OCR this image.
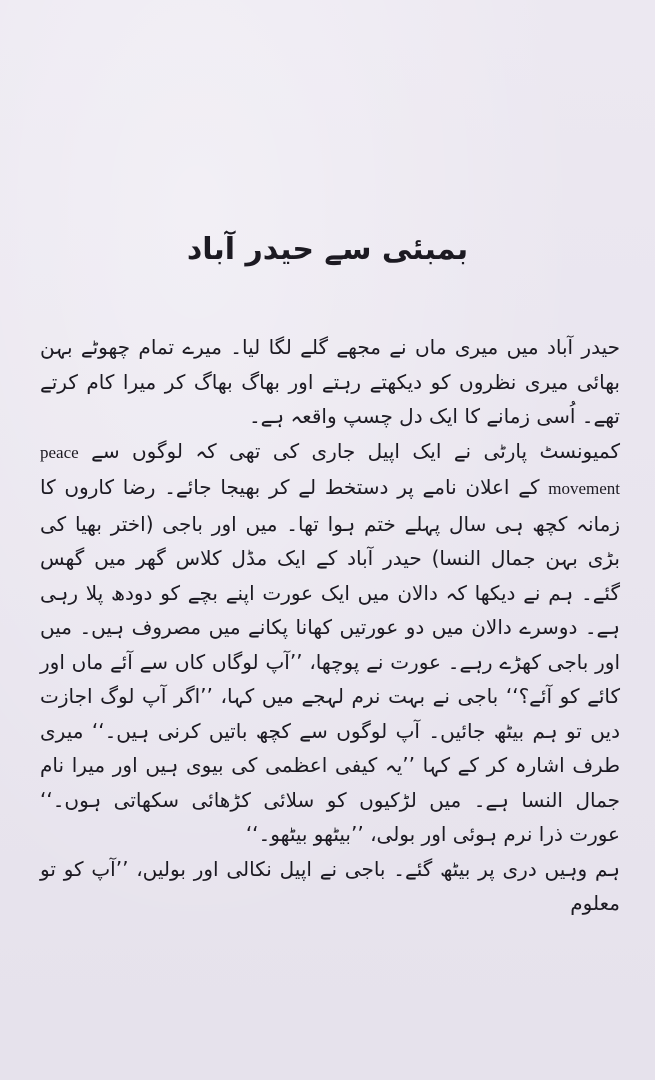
بمبئی سے حیدر آباد

حیدر آباد میں میری ماں نے مجھے گلے لگا لیا۔ میرے تمام چھوٹے بہن بھائی میری نظروں کو دیکھتے رہتے اور بھاگ بھاگ کر میرا کام کرتے تھے۔ اُسی زمانے کا ایک دل چسپ واقعہ ہے۔

کمیونسٹ پارٹی نے ایک اپیل جاری کی تھی کہ لوگوں سے peace movement کے اعلان نامے پر دستخط لے کر بھیجا جائے۔ رضا کاروں کا زمانہ کچھ ہی سال پہلے ختم ہوا تھا۔ میں اور باجی (اختر بھیا کی بڑی بہن جمال النسا) حیدر آباد کے ایک مڈل کلاس گھر میں گھس گئے۔ ہم نے دیکھا کہ دالان میں ایک عورت اپنے بچے کو دودھ پلا رہی ہے۔ دوسرے دالان میں دو عورتیں کھانا پکانے میں مصروف ہیں۔ میں اور باجی کھڑے رہے۔ عورت نے پوچھا، ’’آپ لوگاں کاں سے آئے ماں اور کائے کو آئے؟‘‘ باجی نے بہت نرم لہجے میں کہا، ’’اگر آپ لوگ اجازت دیں تو ہم بیٹھ جائیں۔ آپ لوگوں سے کچھ باتیں کرنی ہیں۔‘‘ میری طرف اشارہ کر کے کہا ’’یہ کیفی اعظمی کی بیوی ہیں اور میرا نام جمال النسا ہے۔ میں لڑکیوں کو سلائی کڑھائی سکھاتی ہوں۔‘‘ عورت ذرا نرم ہوئی اور بولی، ’’بیٹھو بیٹھو۔‘‘

ہم وہیں دری پر بیٹھ گئے۔ باجی نے اپیل نکالی اور بولیں، ’’آپ کو تو معلوم
